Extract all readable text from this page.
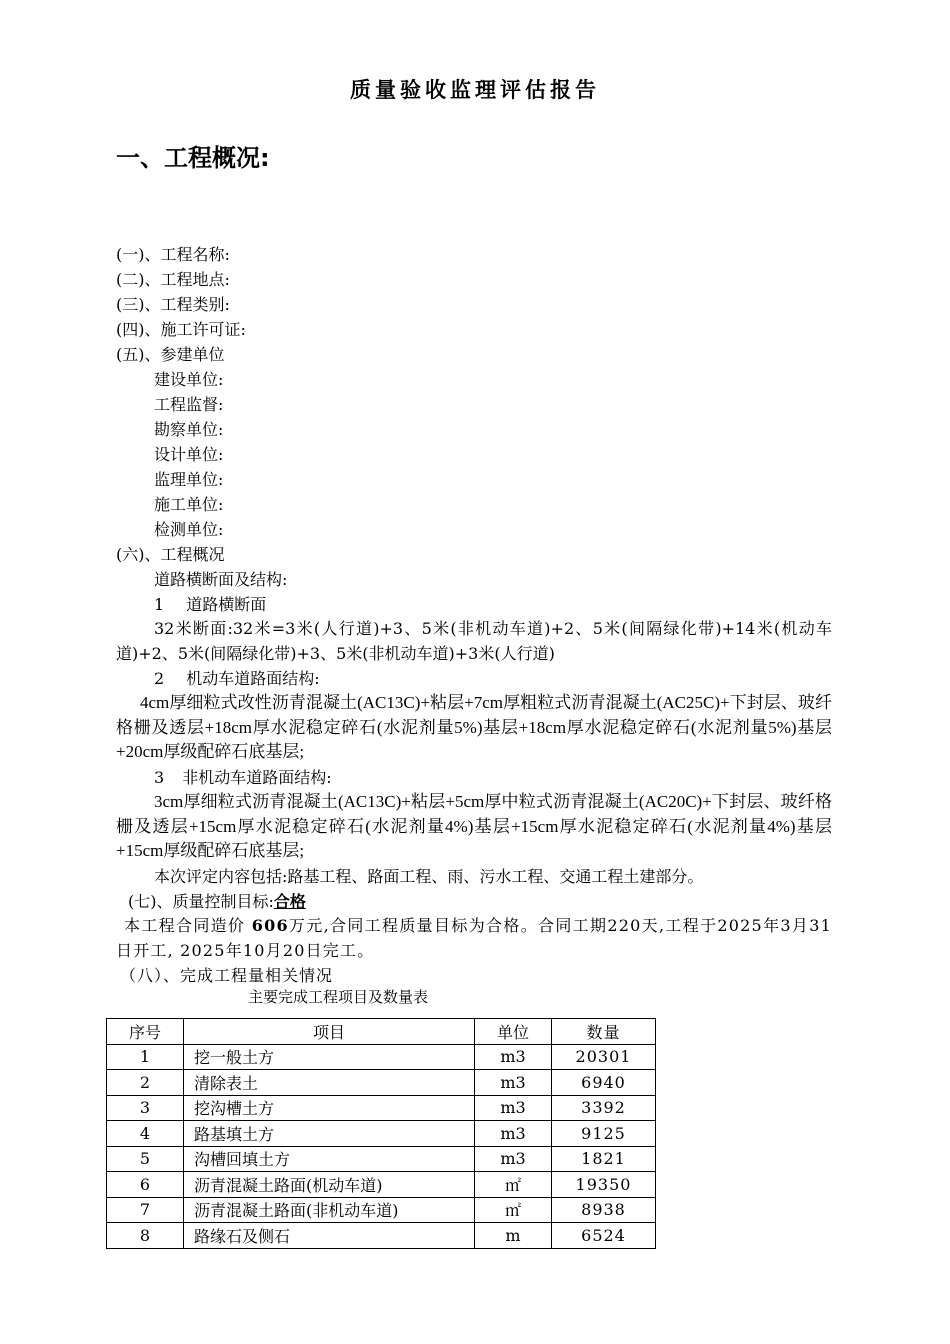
质量验收监理评估报告
一、工程概况:
(一)、工程名称:
(二)、工程地点:
(三)、工程类别:
(四)、施工许可证:
(五)、参建单位
建设单位:
工程监督:
勘察单位:
设计单位:
监理单位:
施工单位:
检测单位:
(六)、工程概况
道路横断面及结构:
1 道路横断面
32米断面:32米=3米(人行道)+3、5米(非机动车道)+2、5米(间隔绿化带)+14米(机动车道)+2、5米(间隔绿化带)+3、5米(非机动车道)+3米(人行道)
2 机动车道路面结构:
4cm厚细粒式改性沥青混凝土(AC13C)+粘层+7cm厚粗粒式沥青混凝土(AC25C)+下封层、玻纤格栅及透层+18cm厚水泥稳定碎石(水泥剂量5%)基层+18cm厚水泥稳定碎石(水泥剂量5%)基层+20cm厚级配碎石底基层;
3 非机动车道路面结构:
3cm厚细粒式沥青混凝土(AC13C)+粘层+5cm厚中粒式沥青混凝土(AC20C)+下封层、玻纤格栅及透层+15cm厚水泥稳定碎石(水泥剂量4%)基层+15cm厚水泥稳定碎石(水泥剂量4%)基层+15cm厚级配碎石底基层;
本次评定内容包括:路基工程、路面工程、雨、污水工程、交通工程土建部分。
(七)、质量控制目标:合格
本工程合同造价 606万元,合同工程质量目标为合格。合同工期220天,工程于2025年3月31日开工, 2025年10月20日完工。
（八）、完成工程量相关情况
主要完成工程项目及数量表
序号	项目	单位	数量
1	挖一般土方	m3	20301
2	清除表土	m3	6940
3	挖沟槽土方	m3	3392
4	路基填土方	m3	9125
5	沟槽回填土方	m3	1821
6	沥青混凝土路面(机动车道)	㎡	19350
7	沥青混凝土路面(非机动车道)	㎡	8938
8	路缘石及侧石	m	6524
